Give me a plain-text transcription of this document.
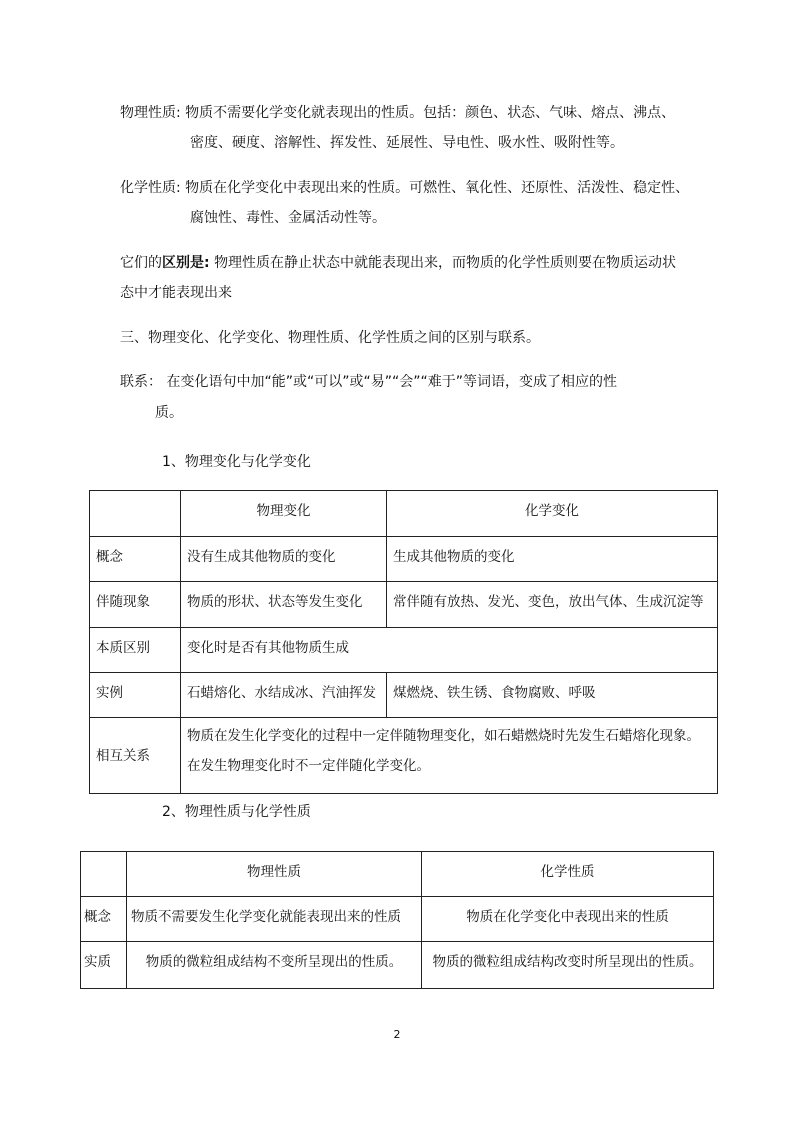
物理性质: 物质不需要化学变化就表现出的性质。包括：颜色、状态、气味、熔点、沸点、
密度、硬度、溶解性、挥发性、延展性、导电性、吸水性、吸附性等。
化学性质: 物质在化学变化中表现出来的性质。可燃性、氧化性、还原性、活泼性、稳定性、
腐蚀性、毒性、金属活动性等。
它们的区别是: 物理性质在静止状态中就能表现出来，而物质的化学性质则要在物质运动状
态中才能表现出来
三、物理变化、化学变化、物理性质、化学性质之间的区别与联系。
联系： 在变化语句中加“能”或“可以”或“易”“会”“难于”等词语，变成了相应的性
质。
1、物理变化与化学变化
	物理变化	化学变化
概念	没有生成其他物质的变化	生成其他物质的变化
伴随现象	物质的形状、状态等发生变化	常伴随有放热、发光、变色，放出气体、生成沉淀等
本质区别	变化时是否有其他物质生成	
实例	石蜡熔化、水结成冰、汽油挥发	煤燃烧、铁生锈、食物腐败、呼吸
相互关系	物质在发生化学变化的过程中一定伴随物理变化，如石蜡燃烧时先发生石蜡熔化现象。
在发生物理变化时不一定伴随化学变化。	
2、物理性质与化学性质
	物理性质	化学性质
概念	物质不需要发生化学变化就能表现出来的性质	物质在化学变化中表现出来的性质
实质	物质的微粒组成结构不变所呈现出的性质。	物质的微粒组成结构改变时所呈现出的性质。
2
